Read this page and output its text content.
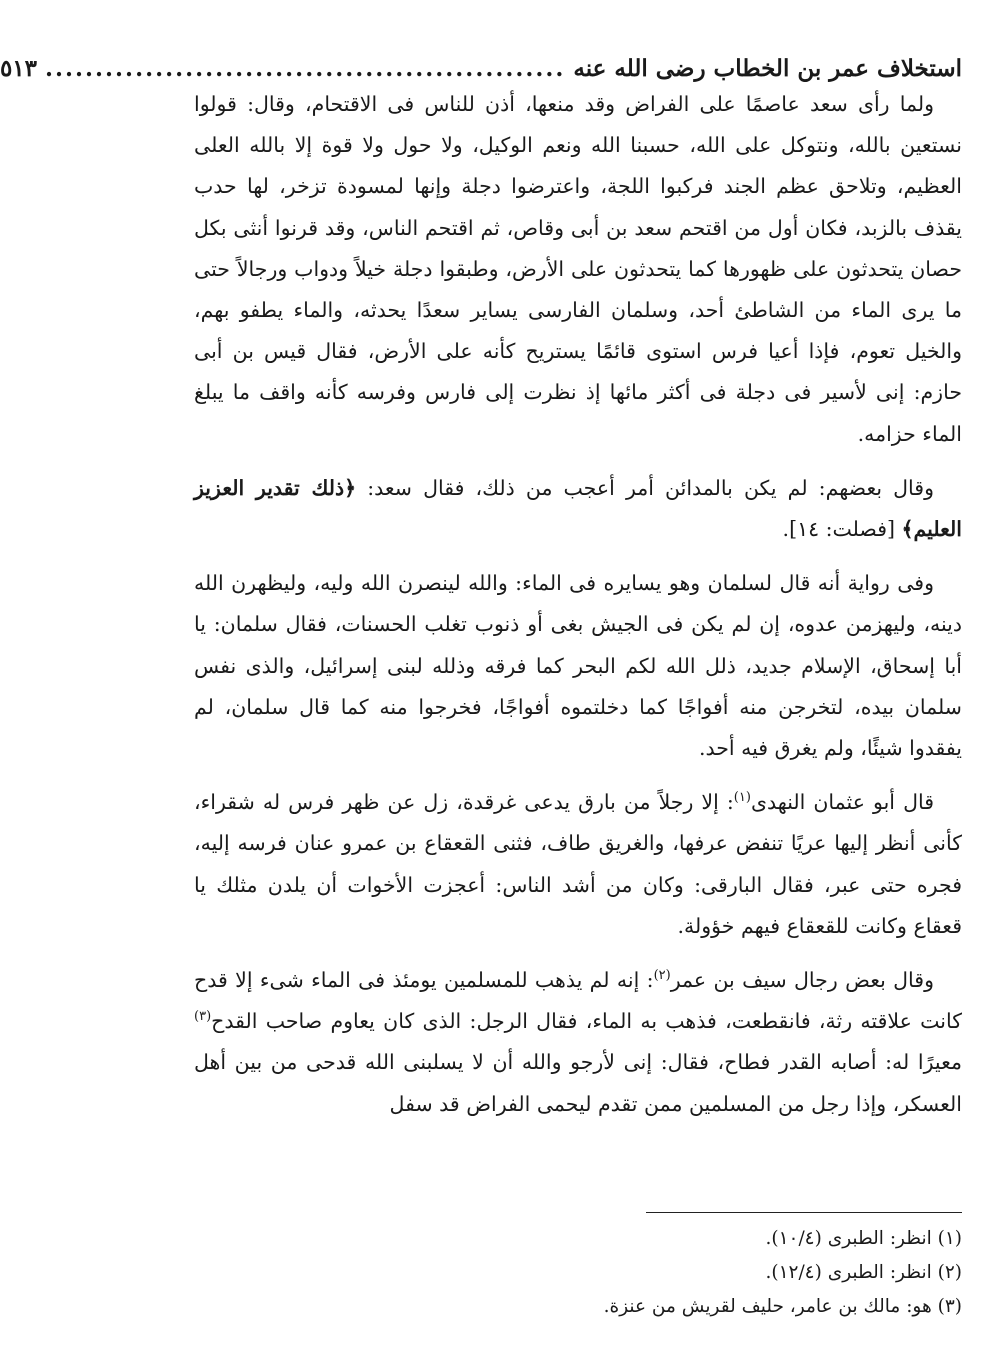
استخلاف عمر بن الخطاب رضى الله عنه
....................................................
٥١٣

ولما رأى سعد عاصمًا على الفراض وقد منعها، أذن للناس فى الاقتحام، وقال: قولوا نستعين بالله، ونتوكل على الله، حسبنا الله ونعم الوكيل، ولا حول ولا قوة إلا بالله العلى العظيم، وتلاحق عظم الجند فركبوا اللجة، واعترضوا دجلة وإنها لمسودة تزخر، لها حدب يقذف بالزبد، فكان أول من اقتحم سعد بن أبى وقاص، ثم اقتحم الناس، وقد قرنوا أنثى بكل حصان يتحدثون على ظهورها كما يتحدثون على الأرض، وطبقوا دجلة خيلاً ودواب ورجالاً حتى ما يرى الماء من الشاطئ أحد، وسلمان الفارسى يساير سعدًا يحدثه، والماء يطفو بهم، والخيل تعوم، فإذا أعيا فرس استوى قائمًا يستريح كأنه على الأرض، فقال قيس بن أبى حازم: إنى لأسير فى دجلة فى أكثر مائها إذ نظرت إلى فارس وفرسه كأنه واقف ما يبلغ الماء حزامه.

وقال بعضهم: لم يكن بالمدائن أمر أعجب من ذلك، فقال سعد: ﴿ذلك تقدير العزيز العليم﴾ [فصلت: ١٤].

وفى رواية أنه قال لسلمان وهو يسايره فى الماء: والله لينصرن الله وليه، وليظهرن الله دينه، وليهزمن عدوه، إن لم يكن فى الجيش بغى أو ذنوب تغلب الحسنات، فقال سلمان: يا أبا إسحاق، الإسلام جديد، ذلل الله لكم البحر كما فرقه وذلله لبنى إسرائيل، والذى نفس سلمان بيده، لتخرجن منه أفواجًا كما دخلتموه أفواجًا، فخرجوا منه كما قال سلمان، لم يفقدوا شيئًا، ولم يغرق فيه أحد.

قال أبو عثمان النهدى$^{(١)}$: إلا رجلاً من بارق يدعى غرقدة، زل عن ظهر فرس له شقراء، كأنى أنظر إليها عريًا تنفض عرفها، والغريق طاف، فثنى القعقاع بن عمرو عنان فرسه إليه، فجره حتى عبر، فقال البارقى: وكان من أشد الناس: أعجزت الأخوات أن يلدن مثلك يا قعقاع وكانت للقعقاع فيهم خؤولة.

وقال بعض رجال سيف بن عمر$^{(٢)}$: إنه لم يذهب للمسلمين يومئذ فى الماء شىء إلا قدح كانت علاقته رثة، فانقطعت، فذهب به الماء، فقال الرجل: الذى كان يعاوم صاحب القدح$^{(٣)}$ معيرًا له: أصابه القدر فطاح، فقال: إنى لأرجو والله أن لا يسلبنى الله قدحى من بين أهل العسكر، وإذا رجل من المسلمين ممن تقدم ليحمى الفراض قد سفل

(١) انظر: الطبرى (١٠/٤).
(٢) انظر: الطبرى (١٢/٤).
(٣) هو: مالك بن عامر، حليف لقريش من عنزة.
